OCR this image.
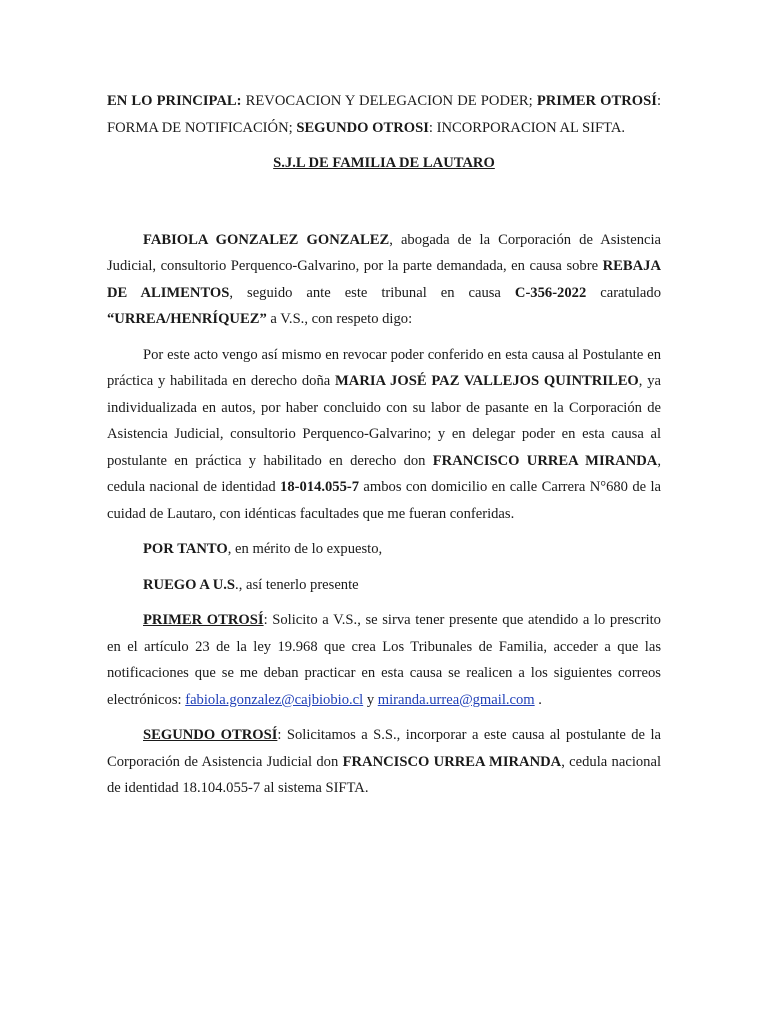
EN LO PRINCIPAL: REVOCACION Y DELEGACION DE PODER; PRIMER OTROSÍ: FORMA DE NOTIFICACIÓN; SEGUNDO OTROSI: INCORPORACION AL SIFTA.

S.J.L DE FAMILIA DE LAUTARO

FABIOLA GONZALEZ GONZALEZ, abogada de la Corporación de Asistencia Judicial, consultorio Perquenco-Galvarino, por la parte demandada, en causa sobre REBAJA DE ALIMENTOS, seguido ante este tribunal en causa C-356-2022 caratulado “URREA/HENRÍQUEZ” a V.S., con respeto digo:

Por este acto vengo así mismo en revocar poder conferido en esta causa al Postulante en práctica y habilitada en derecho doña MARIA JOSÉ PAZ VALLEJOS QUINTRILEO, ya individualizada en autos, por haber concluido con su labor de pasante en la Corporación de Asistencia Judicial, consultorio Perquenco-Galvarino; y en delegar poder en esta causa al postulante en práctica y habilitado en derecho don FRANCISCO URREA MIRANDA, cedula nacional de identidad 18-014.055-7 ambos con domicilio en calle Carrera N°680 de la cuidad de Lautaro, con idénticas facultades que me fueran conferidas.

POR TANTO, en mérito de lo expuesto,

RUEGO A U.S., así tenerlo presente

PRIMER OTROSÍ: Solicito a V.S., se sirva tener presente que atendido a lo prescrito en el artículo 23 de la ley 19.968 que crea Los Tribunales de Familia, acceder a que las notificaciones que se me deban practicar en esta causa se realicen a los siguientes correos electrónicos: fabiola.gonzalez@cajbiobio.cl y miranda.urrea@gmail.com .

SEGUNDO OTROSÍ: Solicitamos a S.S., incorporar a este causa al postulante de la Corporación de Asistencia Judicial don FRANCISCO URREA MIRANDA, cedula nacional de identidad 18.104.055-7 al sistema SIFTA.
